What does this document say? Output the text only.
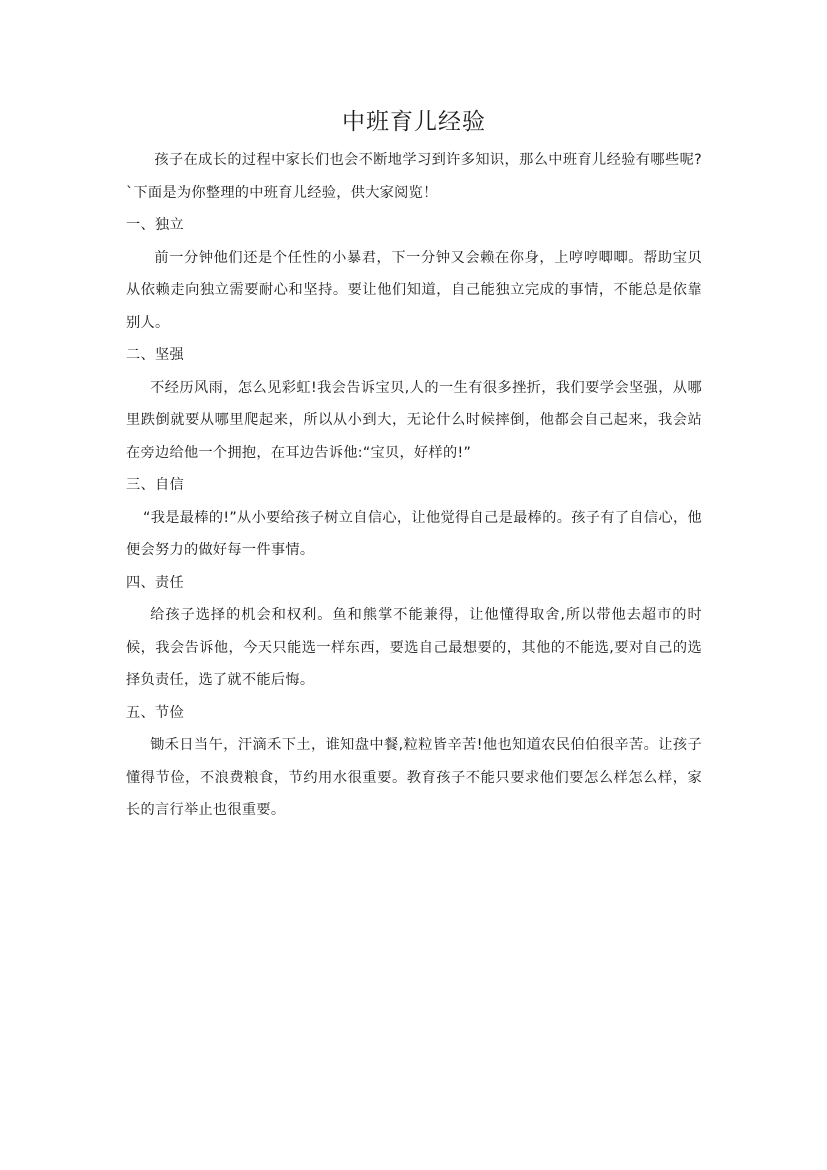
中班育儿经验

孩子在成长的过程中家长们也会不断地学习到许多知识，那么中班育儿经验有哪些呢?`下面是为你整理的中班育儿经验，供大家阅览！

一、独立

前一分钟他们还是个任性的小暴君，下一分钟又会赖在你身，上哼哼唧唧。帮助宝贝从依赖走向独立需要耐心和坚持。要让他们知道，自己能独立完成的事情，不能总是依靠别人。

二、坚强

不经历风雨，怎么见彩虹!我会告诉宝贝,人的一生有很多挫折，我们要学会坚强，从哪里跌倒就要从哪里爬起来，所以从小到大，无论什么时候摔倒，他都会自己起来，我会站在旁边给他一个拥抱，在耳边告诉他:“宝贝，好样的!”

三、自信

“我是最棒的!”从小要给孩子树立自信心，让他觉得自己是最棒的。孩子有了自信心，他便会努力的做好每一件事情。

四、责任

给孩子选择的机会和权利。鱼和熊掌不能兼得，让他懂得取舍,所以带他去超市的时候，我会告诉他，今天只能选一样东西，要选自己最想要的，其他的不能选,要对自己的选择负责任，选了就不能后悔。

五、节俭

锄禾日当午，汗滴禾下土，谁知盘中餐,粒粒皆辛苦!他也知道农民伯伯很辛苦。让孩子懂得节俭，不浪费粮食，节约用水很重要。教育孩子不能只要求他们要怎么样怎么样，家长的言行举止也很重要。
